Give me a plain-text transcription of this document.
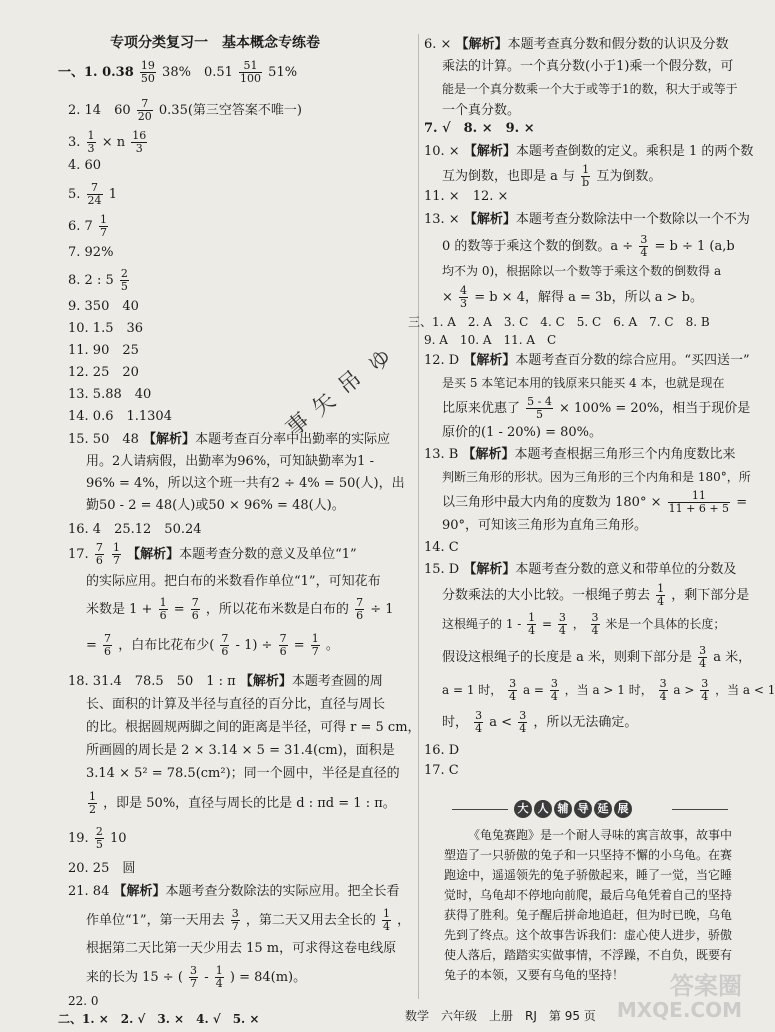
专项分类复习一　基本概念专练卷
一、1. $0.38 \frac{19}{50} 38\%$　$0.51 \frac{51}{100} 51\%$
2. 14　$60 \frac{7}{20} 0.35$(第三空答案不唯一)
3. $\frac{1}{3} \times n \frac{16}{3}$
4. 60
5. $\frac{7}{24} 1$
6. $7 \frac{1}{7}$
7. 92%
8. 2 : $5 \frac{2}{5}$
9. 350　40
10. 1.5　36
11. 90　25
12. 25　20
13. 5.88　40
14. 0.6　1.1304
15. 50　48 【解析】本题考查百分率中出勤率的实际应
用。2人请病假，出勤率为96%，可知缺勤率为1 -
96% = 4%，所以这个班一共有2 ÷ 4% = 50(人)，出
勤50 - 2 = 48(人)或50 × 96% = 48(人)。
16. 4　25.12　50.24
17. $\frac{7}{6}$
$\frac{1}{7}$ 【解析】本题考查分数的意义及单位“1”
的实际应用。把白布的米数看作单位“1”，可知花布
米数是 $1 + \frac{1}{6} = \frac{7}{6}$ ，所以花布米数是白布的 $\frac{7}{6} \div 1$
= $\frac{7}{6}$ ，白布比花布少( $\frac{7}{6} - 1) \div \frac{7}{6} = \frac{1}{7}$ 。
18. 31.4　78.5　50　1 : π 【解析】本题考查圆的周
长、面积的计算及半径与直径的百分比，直径与周长
的比。根据圆规两脚之间的距离是半径，可得 r = 5 cm，
所画圆的周长是 2 × 3.14 × 5 = 31.4(cm)，面积是
3.14 × 5² = 78.5(cm²)；同一个圆中，半径是直径的
$\frac{1}{2}$ ，即是 50%，直径与周长的比是 d : πd = 1 : π。
19. $\frac{2}{5} 10$
20. 25　圆
21. 84 【解析】本题考查分数除法的实际应用。把全长看
作单位“1”，第一天用去 $\frac{3}{7}$ ，第二天又用去全长的 $\frac{1}{4}$ ，
根据第二天比第一天少用去 15 m，可求得这卷电线原
来的长为 15 ÷ ( $\frac{3}{7} - \frac{1}{4}$ ) = 84(m)。
22. 0
二、1. ×　2. √　3. ×　4. √　5. ×
6. × 【解析】本题考查真分数和假分数的认识及分数
乘法的计算。一个真分数(小于1)乘一个假分数，可
能是一个真分数乘一个大于或等于1的数，积大于或等于
一个真分数。
7. √　8. ×　9. ×
10. × 【解析】本题考查倒数的定义。乘积是 1 的两个数
互为倒数，也即是 a 与 $\frac{1}{b}$ 互为倒数。
11. ×　12. ×
13. × 【解析】本题考查分数除法中一个数除以一个不为
0 的数等于乘这个数的倒数。$a \div \frac{3}{4} = b \div 1$ (a,b
均不为 0)，根据除以一个数等于乘这个数的倒数得 a
× $\frac{4}{3} = b \times 4$，解得 a = 3b，所以 a > b。
三、1. A　2. A　3. C　4. C　5. C　6. A　7. C　8. B
9. A　10. A　11. A　C
12. D 【解析】本题考查百分数的综合应用。“买四送一”
是买 5 本笔记本用的钱原来只能买 4 本，也就是现在
比原来优惠了 $\frac{5 - 4}{5} \times 100\% = 20\%$，相当于现价是
原价的(1 - 20%) = 80%。
13. B 【解析】本题考查根据三角形三个内角度数比来
判断三角形的形状。因为三角形的三个内角和是 180°，所
以三角形中最大内角的度数为 $180^\circ \times \frac{11}{11 + 6 + 5}$ =
90°，可知该三角形为直角三角形。
14. C
15. D 【解析】本题考查分数的意义和带单位的分数及
分数乘法的大小比较。一根绳子剪去 $\frac{1}{4}$ ，剩下部分是
这根绳子的 $1 - \frac{1}{4} = \frac{3}{4}$ ， $\frac{3}{4}$ 米是一个具体的长度；
假设这根绳子的长度是 a 米，则剩下部分是 $\frac{3}{4}$ a 米，
a = 1 时， $\frac{3}{4}$ $a = \frac{3}{4}$ ，当 a > 1 时， $\frac{3}{4}$ $a > \frac{3}{4}$ ，当 a < 1
时， $\frac{3}{4}$ $a < \frac{3}{4}$ ，所以无法确定。
16. D
17. C
大 人 辅 导 延 展

《龟兔赛跑》是一个耐人寻味的寓言故事，故事中塑造了一只骄傲的兔子和一只坚持不懈的小乌龟。在赛跑途中，遥遥领先的兔子骄傲起来，睡了一觉，当它睡觉时，乌龟却不停地向前爬，最后乌龟凭着自己的坚持获得了胜利。兔子醒后拼命地追赶，但为时已晚，乌龟先到了终点。这个故事告诉我们：虚心使人进步，骄傲使人落后，踏踏实实做事情，不浮躁，不自负，既要有兔子的本领，又要有乌龟的坚持！

ゆ
吊
矢
事
答案圈
MXQE.COM
数学　六年级　上册　RJ　第 95 页
